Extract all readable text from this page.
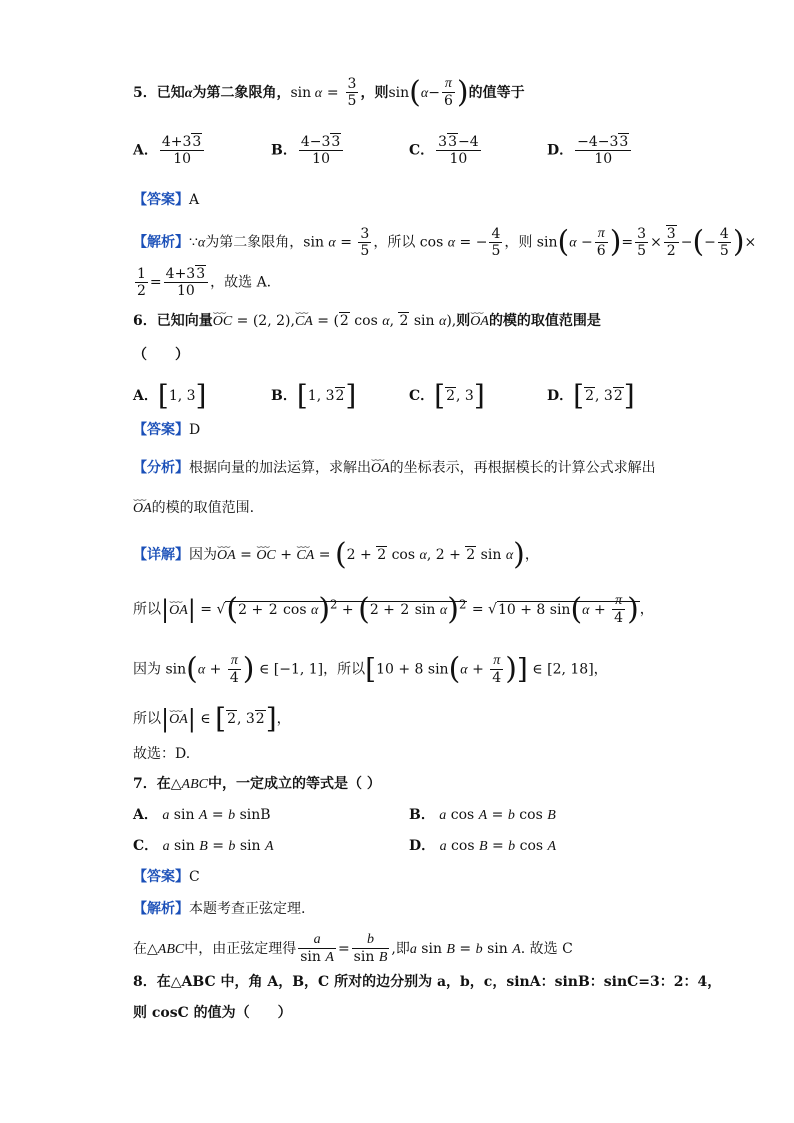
5．已知α为第二象限角，$\sin \alpha = \frac{3}{5}$ ，则$\sin(\alpha- \frac{\pi}{6}$ )的值等于
A． $\frac{4+33}{10}$	B． $\frac{4-33}{10}$	C． $\frac{33-4}{10}$	D． $\frac{-4-33}{10}$
【答案】A
【解析】∵α为第二象限角，$\sin \alpha = \frac{3}{5}$ ，所以 cos α = − $\frac{4}{5}$ ，则 $\sin(\alpha - \frac{\pi}{6}$ )= $\frac{3}{5} \times \frac{3}{2}$ −(− $\frac{4}{5}$ )×
$\frac{1}{2} = \frac{4+33}{10}$ ，故选 A.
6．已知向量⌣⌣⌣ OC = (2, 2),⌣⌣⌣ CA = (2 cos α, 2 sin α),则⌣⌣⌣ OA的模的取值范围是
（　　）
A．[1, 3]	B．[1, 32]	C．[2, 3]	D．[2, 32]
【答案】D
【分析】根据向量的加法运算，求解出⌣⌣⌣ OA的坐标表示，再根据模长的计算公式求解出
⌣⌣⌣ OA的模的取值范围.
【详解】因为⌣⌣⌣ OA = ⌣⌣⌣ OC + ⌣⌣⌣ CA = (2 + 2 cos α, 2 + 2 sin α)，
所以|⌣⌣⌣ OA| = √(2 + 2 cos α)$^2$ + (2 + 2 sin α)$^2$ = √10 + 8 $\sin(\alpha + \frac{\pi}{4}$ )，
因为 $\sin(\alpha + \frac{\pi}{4}$ ) ∈ [−1, 1]，所以[10 + 8 $\sin(\alpha + \frac{\pi}{4}$ )] ∈ [2, 18]，
所以|⌣⌣⌣ OA| ∈ [2, 32]，
故选：D.
7．在△ABC中，一定成立的等式是（ ）
A． a sin A = b sinB	B． a cos A = b cos B
C． a sin B = b sin A	D． a cos B = b cos A
【答案】C
【解析】本题考查正弦定理.
在△ABC中，由正弦定理得 $\frac{a}{\text{sin A}} = \frac{b}{\text{sin B}}$ ,即a sin B = b sin A. 故选 C
8．在△ABC 中，角 A，B，C 所对的边分别为 a，b，c，sinA：sinB：sinC=3：2：4，
则 cosC 的值为（　　）
